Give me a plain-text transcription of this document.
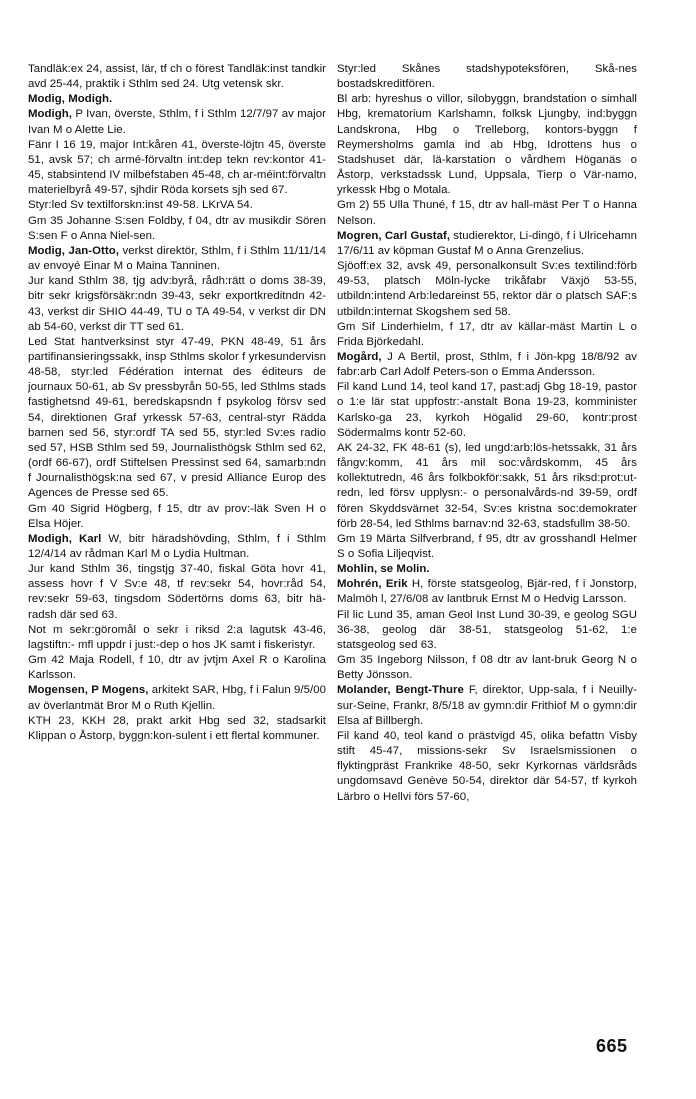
Tandläk:ex 24, assist, lär, tf ch o förest Tandläk:inst tandkir avd 25-44, praktik i Sthlm sed 24. Utg vetensk skr.

Modig, Modigh.

Modigh, P Ivan, överste, Sthlm, f i Sthlm 12/7/97 av major Ivan M o Alette Lie.

Fänr I 16 19, major Int:kåren 41, överste-löjtn 45, överste 51, avsk 57; ch armé-förvaltn int:dep tekn rev:kontor 41-45, stabsintend IV milbefstaben 45-48, ch ar-méint:förvaltn materielbyrå 49-57, sjhdir Röda korsets sjh sed 67.

Styr:led Sv textilforskn:inst 49-58. LKrVA 54.

Gm 35 Johanne S:sen Foldby, f 04, dtr av musikdir Sören S:sen F o Anna Niel-sen.

Modig, Jan-Otto, verkst direktör, Sthlm, f i Sthlm 11/11/14 av envoyé Einar M o Maina Tanninen.

Jur kand Sthlm 38, tjg adv:byrå, rådh:rätt o doms 38-39, bitr sekr krigsförsäkr:ndn 39-43, sekr exportkreditndn 42-43, verkst dir SHIO 44-49, TU o TA 49-54, v verkst dir DN ab 54-60, verkst dir TT sed 61.

Led Stat hantverksinst styr 47-49, PKN 48-49, 51 års partifinansieringssakk, insp Sthlms skolor f yrkesundervisn 48-58, styr:led Fédération internat des éditeurs de journaux 50-61, ab Sv pressbyrån 50-55, led Sthlms stads fastighetsnd 49-61, beredskapsndn f psykolog försv sed 54, direktionen Graf yrkessk 57-63, central-styr Rädda barnen sed 56, styr:ordf TA sed 55, styr:led Sv:es radio sed 57, HSB Sthlm sed 59, Journalisthögsk Sthlm sed 62, (ordf 66-67), ordf Stiftelsen Pressinst sed 64, samarb:ndn f Journalisthögsk:na sed 67, v presid Alliance Europ des Agences de Presse sed 65.

Gm 40 Sigrid Högberg, f 15, dtr av prov:-läk Sven H o Elsa Höjer.

Modigh, Karl W, bitr häradshövding, Sthlm, f i Sthlm 12/4/14 av rådman Karl M o Lydia Hultman.

Jur kand Sthlm 36, tingstjg 37-40, fiskal Göta hovr 41, assess hovr f V Sv:e 48, tf rev:sekr 54, hovr:råd 54, rev:sekr 59-63, tingsdom Södertörns doms 63, bitr hä-radsh där sed 63.

Not m sekr:göromål o sekr i riksd 2:a lagutsk 43-46, lagstiftn:- mfl uppdr i just:-dep o hos JK samt i fiskeristyr.

Gm 42 Maja Rodell, f 10, dtr av jvtjm Axel R o Karolina Karlsson.

Mogensen, P Mogens, arkitekt SAR, Hbg, f i Falun 9/5/00 av överlantmät Bror M o Ruth Kjellin.

KTH 23, KKH 28, prakt arkit Hbg sed 32, stadsarkit Klippan o Åstorp, byggn:kon-sulent i ett flertal kommuner.

Styr:led Skånes stadshypoteksfören, Skå-nes bostadskreditfören.

Bl arb: hyreshus o villor, silobyggn, brandstation o simhall Hbg, krematorium Karlshamn, folksk Ljungby, ind:byggn Landskrona, Hbg o Trelleborg, kontors-byggn f Reymersholms gamla ind ab Hbg, Idrottens hus o Stadshuset där, lä-karstation o vårdhem Höganäs o Åstorp, verkstadssk Lund, Uppsala, Tierp o Vär-namo, yrkessk Hbg o Motala.

Gm 2) 55 Ulla Thuné, f 15, dtr av hall-mäst Per T o Hanna Nelson.

Mogren, Carl Gustaf, studierektor, Li-dingö, f i Ulricehamn 17/6/11 av köpman Gustaf M o Anna Grenzelius.

Sjöoff:ex 32, avsk 49, personalkonsult Sv:es textilind:förb 49-53, platsch Möln-lycke trikåfabr Växjö 53-55, utbildn:intend Arb:ledareinst 55, rektor där o platsch SAF:s utbildn:internat Skogshem sed 58.

Gm Sif Linderhielm, f 17, dtr av källar-mäst Martin L o Frida Björkedahl.

Mogård, J A Bertil, prost, Sthlm, f i Jön-kpg 18/8/92 av fabr:arb Carl Adolf Peters-son o Emma Andersson.

Fil kand Lund 14, teol kand 17, past:adj Gbg 18-19, pastor o 1:e lär stat uppfostr:-anstalt Bona 19-23, komminister Karlsko-ga 23, kyrkoh Högalid 29-60, kontr:prost Södermalms kontr 52-60.

AK 24-32, FK 48-61 (s), led ungd:arb:lös-hetssakk, 31 års fångv:komm, 41 års mil soc:vårdskomm, 45 års kollektutredn, 46 års folkbokför:sakk, 51 års riksd:prot:ut-redn, led försv upplysn:- o personalvårds-nd 39-59, ordf fören Skyddsvärnet 32-54, Sv:es kristna soc:demokrater förb 28-54, led Sthlms barnav:nd 32-63, stadsfullm 38-50.

Gm 19 Märta Silfverbrand, f 95, dtr av grosshandl Helmer S o Sofia Liljeqvist.

Mohlin, se Molin.

Mohrén, Erik H, förste statsgeolog, Bjär-red, f i Jonstorp, Malmöh l, 27/6/08 av lantbruk Ernst M o Hedvig Larsson.

Fil lic Lund 35, aman Geol Inst Lund 30-39, e geolog SGU 36-38, geolog där 38-51, statsgeolog 51-62, 1:e statsgeolog sed 63.

Gm 35 Ingeborg Nilsson, f 08 dtr av lant-bruk Georg N o Betty Jönsson.

Molander, Bengt-Thure F, direktor, Upp-sala, f i Neuilly-sur-Seine, Frankr, 8/5/18 av gymn:dir Frithiof M o gymn:dir Elsa af Billbergh.

Fil kand 40, teol kand o prästvigd 45, olika befattn Visby stift 45-47, missions-sekr Sv Israelsmissionen o flyktingpräst Frankrike 48-50, sekr Kyrkornas världsråds ungdomsavd Genève 50-54, direktor där 54-57, tf kyrkoh Lärbro o Hellvi förs 57-60,

665
